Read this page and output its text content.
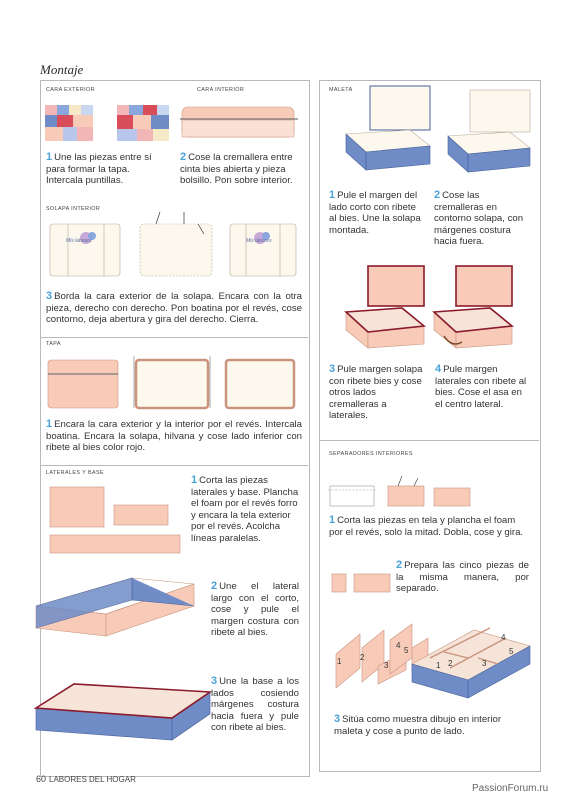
Montaje
CARA EXTERIOR	CARA INTERIOR
1 Une las piezas entre sí para formar la tapa. Intercala puntillas.
2 Cose la cremallera entre cinta bies abierta y pieza bolsillo. Pon sobre interior.
SOLAPA INTERIOR
Mis labores	Mis labores
3 Borda la cara exterior de la solapa. Encara con la otra pieza, derecho con derecho. Pon boatina por el revés, cose contorno, deja abertura y gira del derecho. Cierra.
TAPA
1 Encara la cara exterior y la interior por el revés. Intercala boatina. Encara la solapa, hilvana y cose lado inferior con ribete al bies color rojo.
LATERALES Y BASE
1 Corta las piezas laterales y base. Plancha el foam por el revés forro y encara la tela exterior por el revés. Acolcha líneas paralelas.
2 Une el lateral largo con el corto, cose y pule el margen costura con ribete al bies.
3 Une la base a los lados cosiendo márgenes costura hacia fuera y pule con ribete al bies.
MALETA
1 Pule el margen del lado corto con ribete al bies. Une la solapa montada.
2 Cose las cremalleras en contorno solapa, con márgenes costura hacia fuera.
3 Pule margen solapa con ribete bies y cose otros lados cremalleras a laterales.
4 Pule margen laterales con ribete al bies. Cose el asa en el centro lateral.
SEPARADORES INTERIORES
1 Corta las piezas en tela y plancha el foam por el revés, solo la mitad. Dobla, cose y gira.
2 Prepara las cinco piezas de la misma manera, por separado.
1 2
3
4
5
1 2	3
4
5
3 Sitúa como muestra dibujo en interior maleta y cose a punto de lado.
60 LABORES DEL HOGAR
PassionForum.ru
